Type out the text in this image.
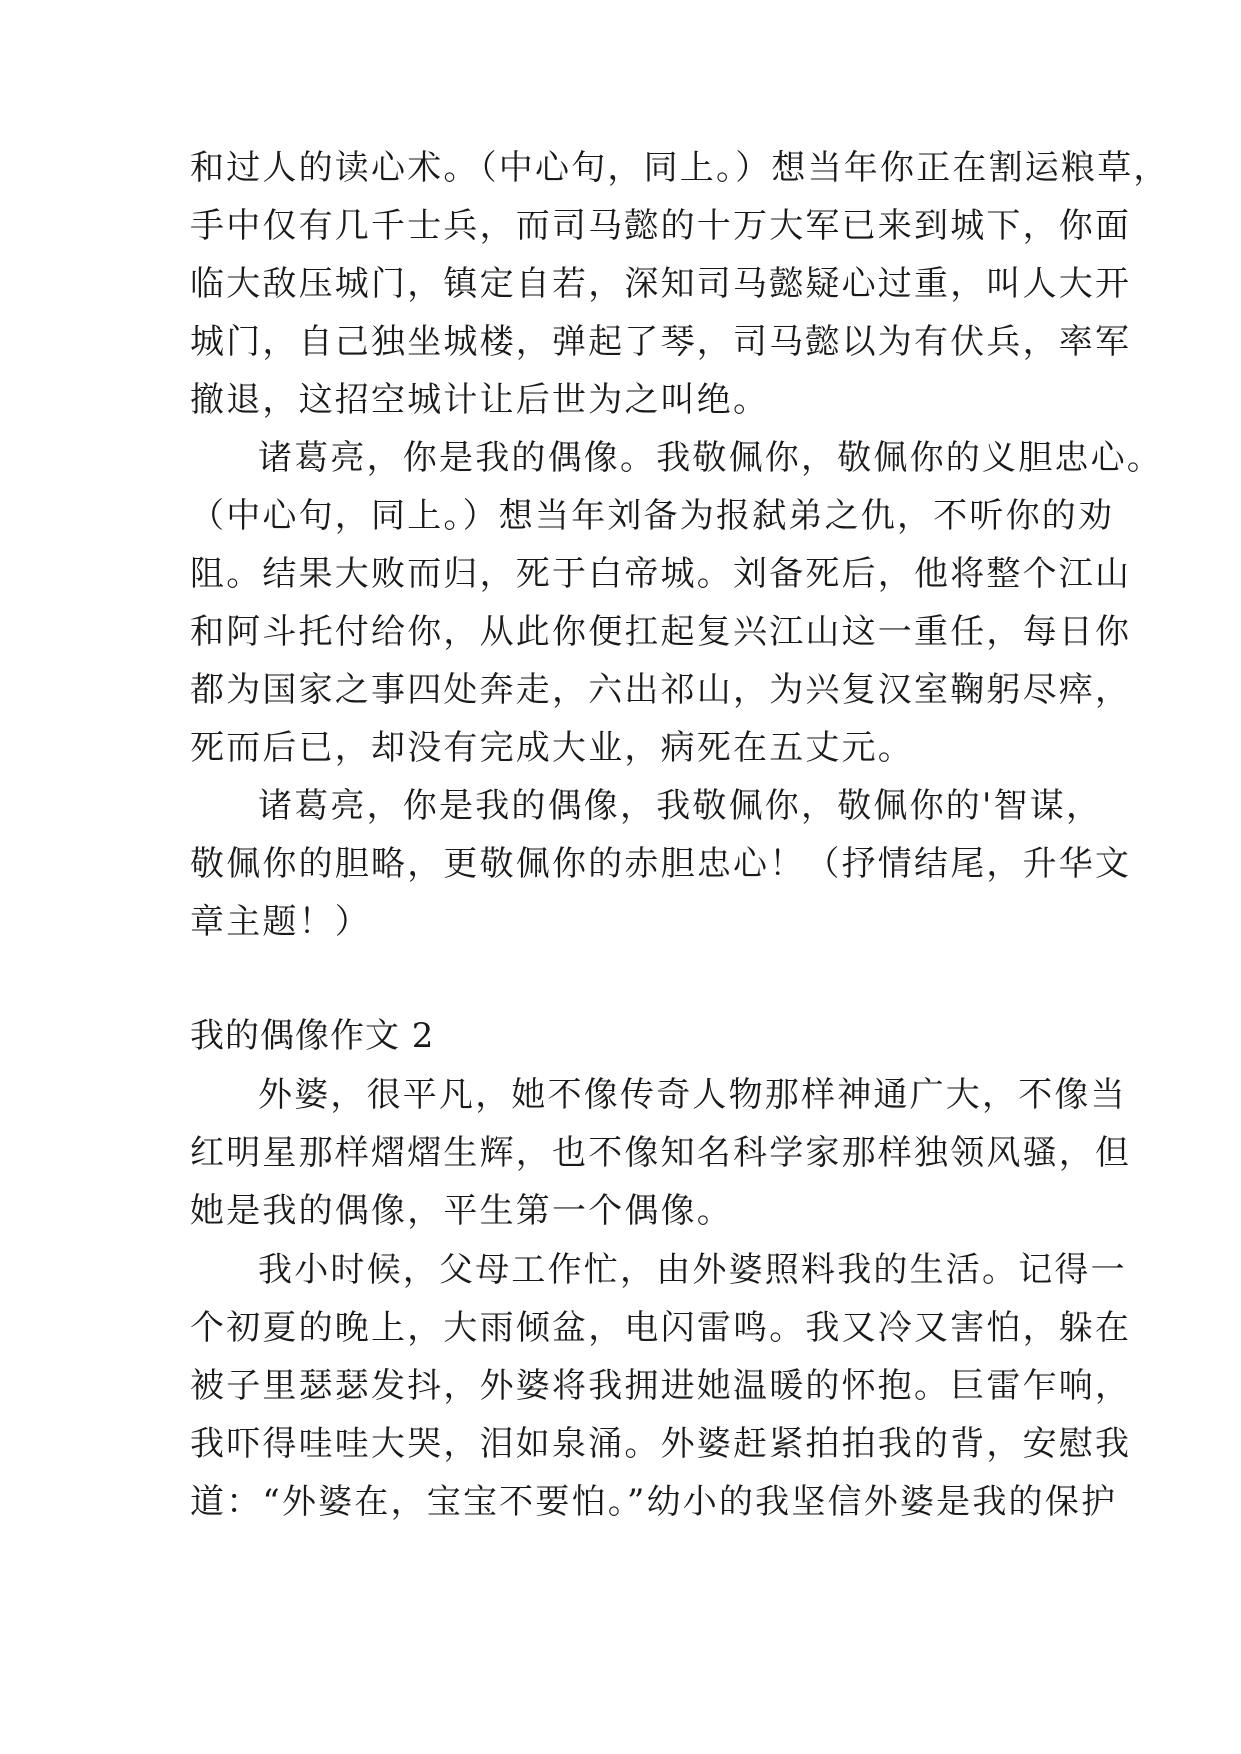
和过人的读心术。（中心句，同上。）想当年你正在割运粮草，
手中仅有几千士兵，而司马懿的十万大军已来到城下，你面
临大敌压城门，镇定自若，深知司马懿疑心过重，叫人大开
城门，自己独坐城楼，弹起了琴，司马懿以为有伏兵，率军
撤退，这招空城计让后世为之叫绝。
诸葛亮，你是我的偶像。我敬佩你，敬佩你的义胆忠心。
（中心句，同上。）想当年刘备为报弑弟之仇，不听你的劝
阻。结果大败而归，死于白帝城。刘备死后，他将整个江山
和阿斗托付给你，从此你便扛起复兴江山这一重任，每日你
都为国家之事四处奔走，六出祁山，为兴复汉室鞠躬尽瘁，
死而后已，却没有完成大业，病死在五丈元。
诸葛亮，你是我的偶像，我敬佩你，敬佩你的'智谋，
敬佩你的胆略，更敬佩你的赤胆忠心！（抒情结尾，升华文
章主题！）
我的偶像作文 2
外婆，很平凡，她不像传奇人物那样神通广大，不像当
红明星那样熠熠生辉，也不像知名科学家那样独领风骚，但
她是我的偶像，平生第一个偶像。
我小时候，父母工作忙，由外婆照料我的生活。记得一
个初夏的晚上，大雨倾盆，电闪雷鸣。我又冷又害怕，躲在
被子里瑟瑟发抖，外婆将我拥进她温暖的怀抱。巨雷乍响，
我吓得哇哇大哭，泪如泉涌。外婆赶紧拍拍我的背，安慰我
道：“外婆在，宝宝不要怕。”幼小的我坚信外婆是我的保护
